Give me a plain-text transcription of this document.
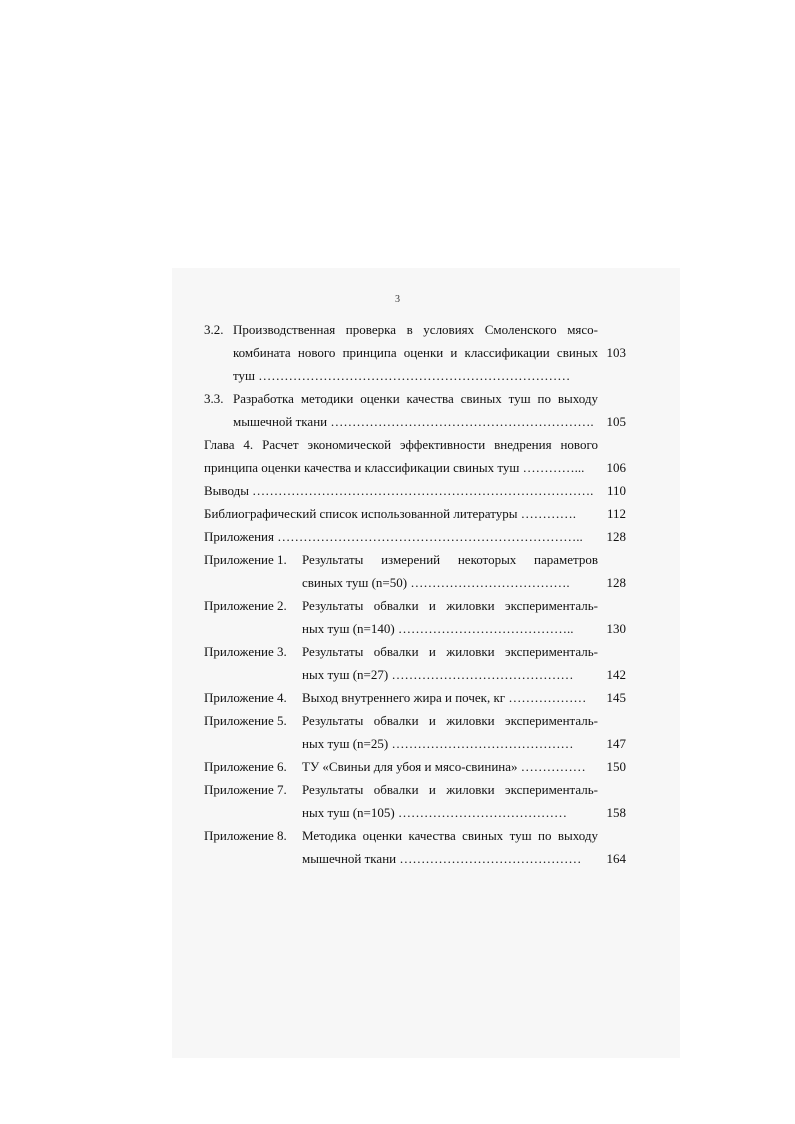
3
3.2. Производственная проверка в условиях Смоленского мясо-
комбината нового принципа оценки и классификации свиных 103
туш ………………………………………………………………
3.3. Разработка методики оценки качества свиных туш по выходу
мышечной ткани ……………………………………………………. 105
Глава 4. Расчет экономической эффективности внедрения нового
принципа оценки качества и классификации свиных туш …………...	106
Выводы …………………………………………………………………….	110
Библиографический список использованной литературы ………….	112
Приложения ……………………………………………………………..	128
Приложение 1. Результаты измерений некоторых параметров
свиных туш (n=50) ……………………………….	128
Приложение 2. Результаты обвалки и жиловки эксперименталь-
ных туш (n=140) …………………………………..	130
Приложение 3. Результаты обвалки и жиловки эксперименталь-
ных туш (n=27) ……………………………………	142
Приложение 4. Выход внутреннего жира и почек, кг ………………	145
Приложение 5. Результаты обвалки и жиловки эксперименталь-
ных туш (n=25) ……………………………………	147
Приложение 6. ТУ «Свиньи для убоя и мясо-свинина» ……………	150
Приложение 7. Результаты обвалки и жиловки эксперименталь-
ных туш (n=105) …………………………………	158
Приложение 8. Методика оценки качества свиных туш по выходу
мышечной ткани ……………………………………	164
